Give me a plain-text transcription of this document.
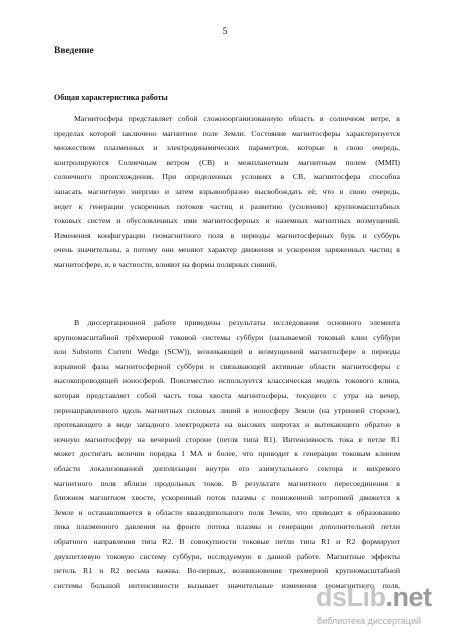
5
Введение
Общая характеристика работы
Магнитосфера представляет собой сложноорганизованную область в солнечном ветре, в
пределах которой заключено магнитное поле Земли. Состояние магнитосферы характеризуется
множеством плазменных и электродинамических параметров, которые в свою очередь,
контролируются Солнечным ветром (СВ) и межпланетным магнитным полем (ММП)
солнечного происхождения. При определенных условиях в СВ, магнитосфера способна
запасать магнитную энергию и затем взрывообразно высвобождать её, что в свою очередь,
ведет к генерации ускоренных потоков частиц и развитию (усилению) крупномасштабных
токовых систем и обусловленных ими магнитосферных и наземных магнитных возмущений.
Изменения конфигурации геомагнитного поля в периоды магнитосферных бурь и суббурь
очень значительны, а потому они меняют характер движения и ускорения заряженных частиц в
магнитосфере, и, в частности, влияют на формы полярных сияний.
В диссертационной работе приведены результаты исследования основного элемента
крупномасштабной трёхмерной токовой системы суббури (называемой токовый клин суббури
или Substorm Current Wedge (SCW)), возникающей в возмущенной магнитосфере в периоды
взрывной фазы магнитосферной суббури и связывающей активные области магнитосферы с
высокопроводящей ионосферой. Повсеместно используется классическая модель токового клина,
которая представляет собой часть тока хвоста магнитосферы, текущего с утра на вечер,
перенаправленного вдоль магнитных силовых линий в ионосферу Земли (на утренней стороне),
протекающего в виде западного электроджета на высоких широтах и вытекающего обратно в
ночную магнитосферу на вечерней стороне (петля типа R1). Интенсивность тока в петле R1
может достигать величин порядка 1 МА и более, что приводит к генерации токовым клином
области локализованной диполизации внутри его азимутального сектора и вихревого
магнитного поля вблизи продольных токов. В результате магнитного пересоединения в
ближнем магнитном хвосте, ускоренный поток плазмы с пониженной энтропией движется к
Земле и останавливается в области квазидипольного поля Земли, что приводит к образованию
пика плазменного давления на фронте потока плазмы и генерации дополнительной петли
обратного направления типа R2. В совокупности токовые петли типа R1 и R2 формируют
двухпетлевую токовую систему суббури, исследуемую в данной работе. Магнитные эффекты
петель R1 и R2 весьма важны. Во-первых, возникновение трехмерной крупномасштабной
системы большой интенсивности вызывает значительные изменения геомагнитного поля,
dsLib.net
библиотека диссертаций
